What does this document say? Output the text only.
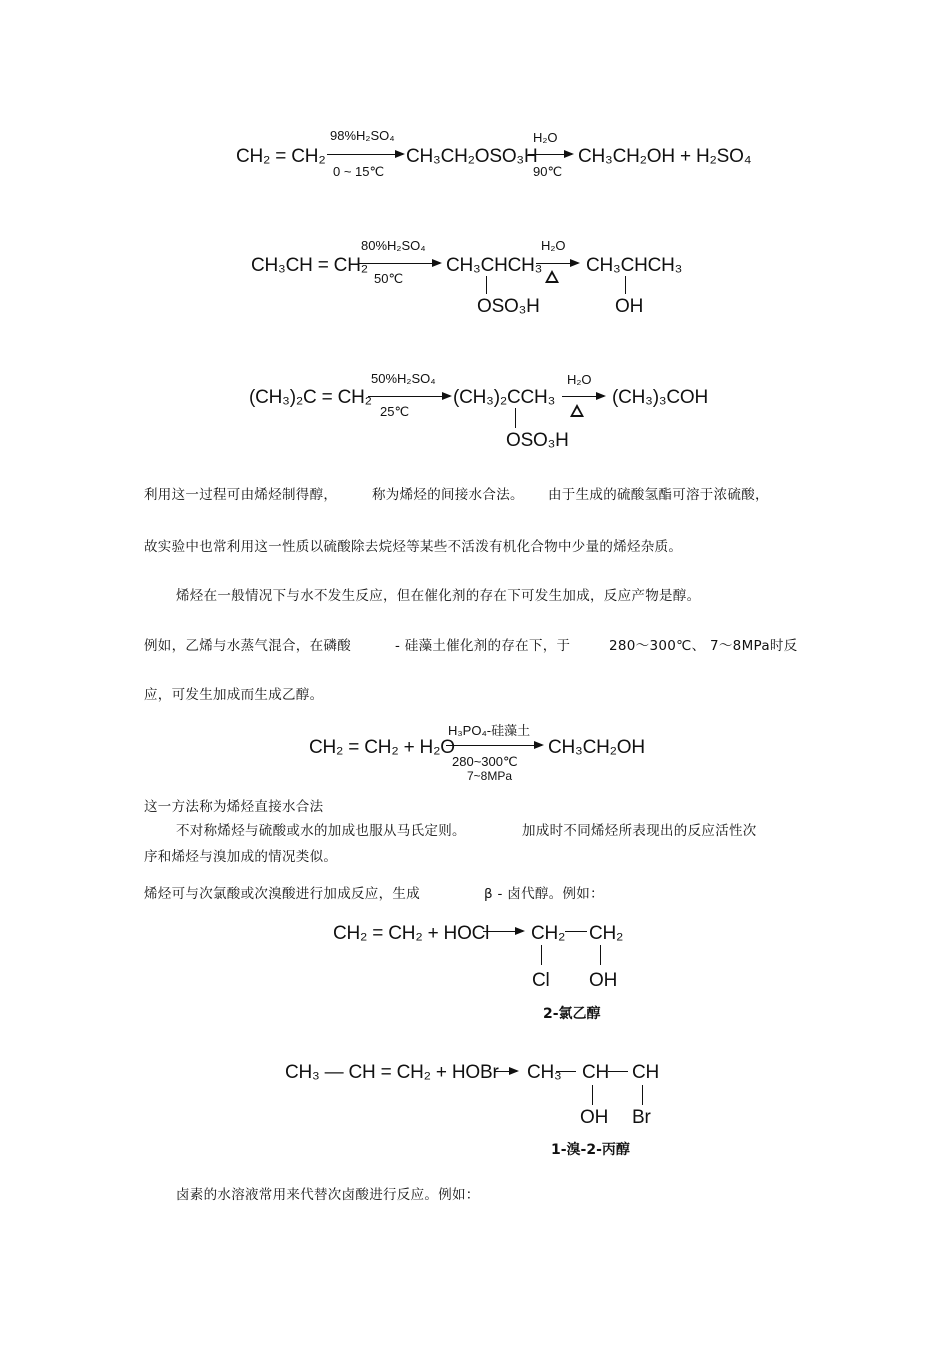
CH₂ = CH₂
98%H₂SO₄
0 ~ 15℃
CH₃CH₂OSO₃H
H₂O
90℃
CH₃CH₂OH + H₂SO₄
CH₃CH = CH₂
80%H₂SO₄
50℃
CH₃CHCH₃
OSO₃H
H₂O
CH₃CHCH₃
OH
(CH₃)₂C = CH₂
50%H₂SO₄
25℃
(CH₃)₂CCH₃
OSO₃H
H₂O
(CH₃)₃COH
利用这一过程可由烯烃制得醇，	称为烯烃的间接水合法。 由于生成的硫酸氢酯可溶于浓硫酸，
故实验中也常利用这一性质以硫酸除去烷烃等某些不活泼有机化合物中少量的烯烃杂质。
烯烃在一般情况下与水不发生反应，但在催化剂的存在下可发生加成，反应产物是醇。
例如，乙烯与水蒸气混合，在磷酸	- 硅藻土催化剂的存在下，于	280～300℃、 7～8MPa时反
应，可发生加成而生成乙醇。
CH₂ = CH₂ + H₂O
H₃PO₄-硅藻土
280~300℃
7~8MPa
CH₃CH₂OH
这一方法称为烯烃直接水合法
不对称烯烃与硫酸或水的加成也服从马氏定则。	加成时不同烯烃所表现出的反应活性次
序和烯烃与溴加成的情况类似。
烯烃可与次氯酸或次溴酸进行加成反应，生成	β - 卤代醇。例如：
CH₂ = CH₂ + HOCl CH₂ CH₂
Cl OH
2-氯乙醇
CH₃ — CH = CH₂ + HOBr CH₃ CH CH
OH Br
1-溴-2-丙醇
卤素的水溶液常用来代替次卤酸进行反应。例如：
